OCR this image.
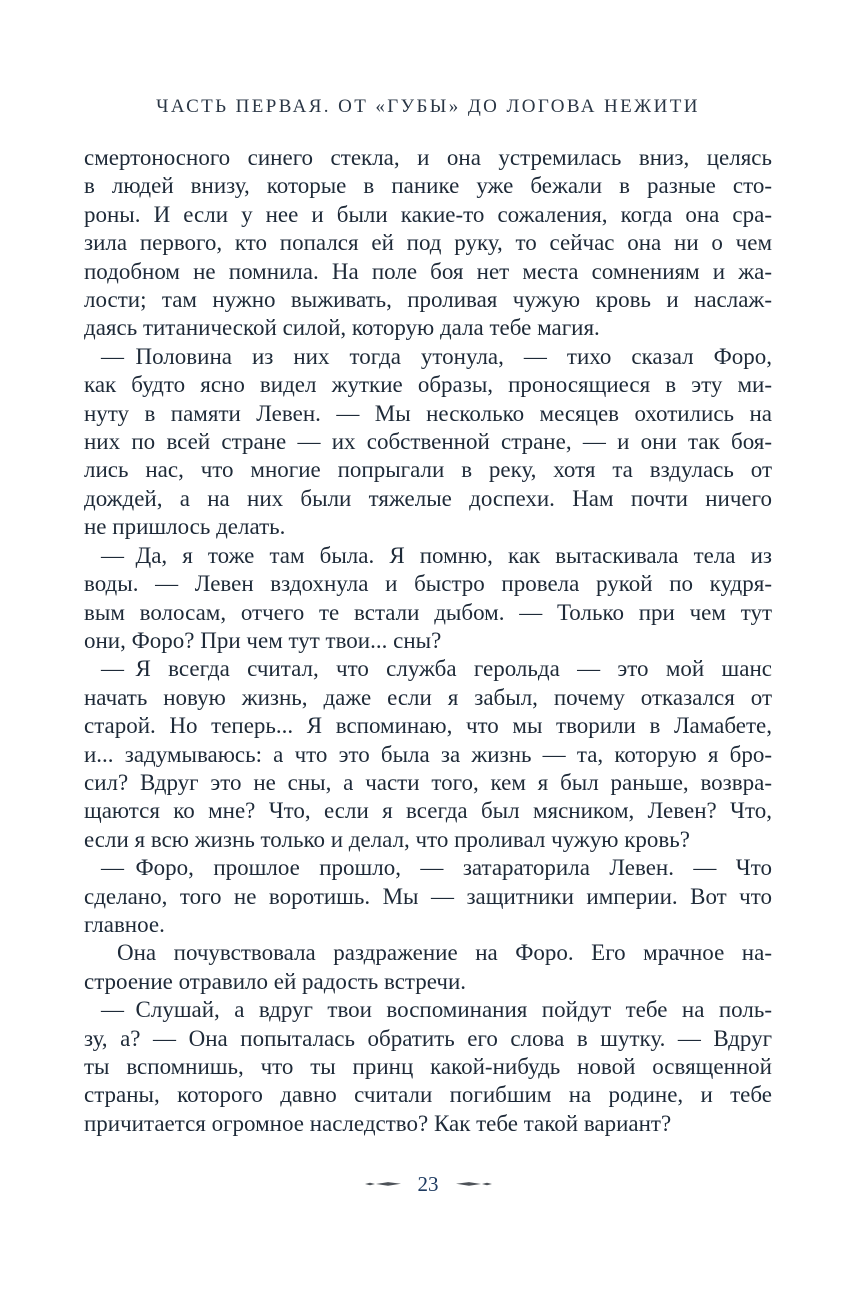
ЧАСТЬ ПЕРВАЯ. ОТ «ГУБЫ» ДО ЛОГОВА НЕЖИТИ
смертоносного синего стекла, и она устремилась вниз, целясь
в людей внизу, которые в панике уже бежали в разные сто-
роны. И если у нее и были какие-то сожаления, когда она сра-
зила первого, кто попался ей под руку, то сейчас она ни о чем
подобном не помнила. На поле боя нет места сомнениям и жа-
лости; там нужно выживать, проливая чужую кровь и наслаж-
даясь титанической силой, которую дала тебе магия.
— Половина из них тогда утонула, — тихо сказал Форо,
как будто ясно видел жуткие образы, проносящиеся в эту ми-
нуту в памяти Левен. — Мы несколько месяцев охотились на
них по всей стране — их собственной стране, — и они так боя-
лись нас, что многие попрыгали в реку, хотя та вздулась от
дождей, а на них были тяжелые доспехи. Нам почти ничего
не пришлось делать.
— Да, я тоже там была. Я помню, как вытаскивала тела из
воды. — Левен вздохнула и быстро провела рукой по кудря-
вым волосам, отчего те встали дыбом. — Только при чем тут
они, Форо? При чем тут твои... сны?
— Я всегда считал, что служба герольда — это мой шанс
начать новую жизнь, даже если я забыл, почему отказался от
старой. Но теперь... Я вспоминаю, что мы творили в Ламабете,
и... задумываюсь: а что это была за жизнь — та, которую я бро-
сил? Вдруг это не сны, а части того, кем я был раньше, возвра-
щаются ко мне? Что, если я всегда был мясником, Левен? Что,
если я всю жизнь только и делал, что проливал чужую кровь?
— Форо, прошлое прошло, — затараторила Левен. — Что
сделано, того не воротишь. Мы — защитники империи. Вот что
главное.
Она почувствовала раздражение на Форо. Его мрачное на-
строение отравило ей радость встречи.
— Слушай, а вдруг твои воспоминания пойдут тебе на поль-
зу, а? — Она попыталась обратить его слова в шутку. — Вдруг
ты вспомнишь, что ты принц какой-нибудь новой освященной
страны, которого давно считали погибшим на родине, и тебе
причитается огромное наследство? Как тебе такой вариант?
23
